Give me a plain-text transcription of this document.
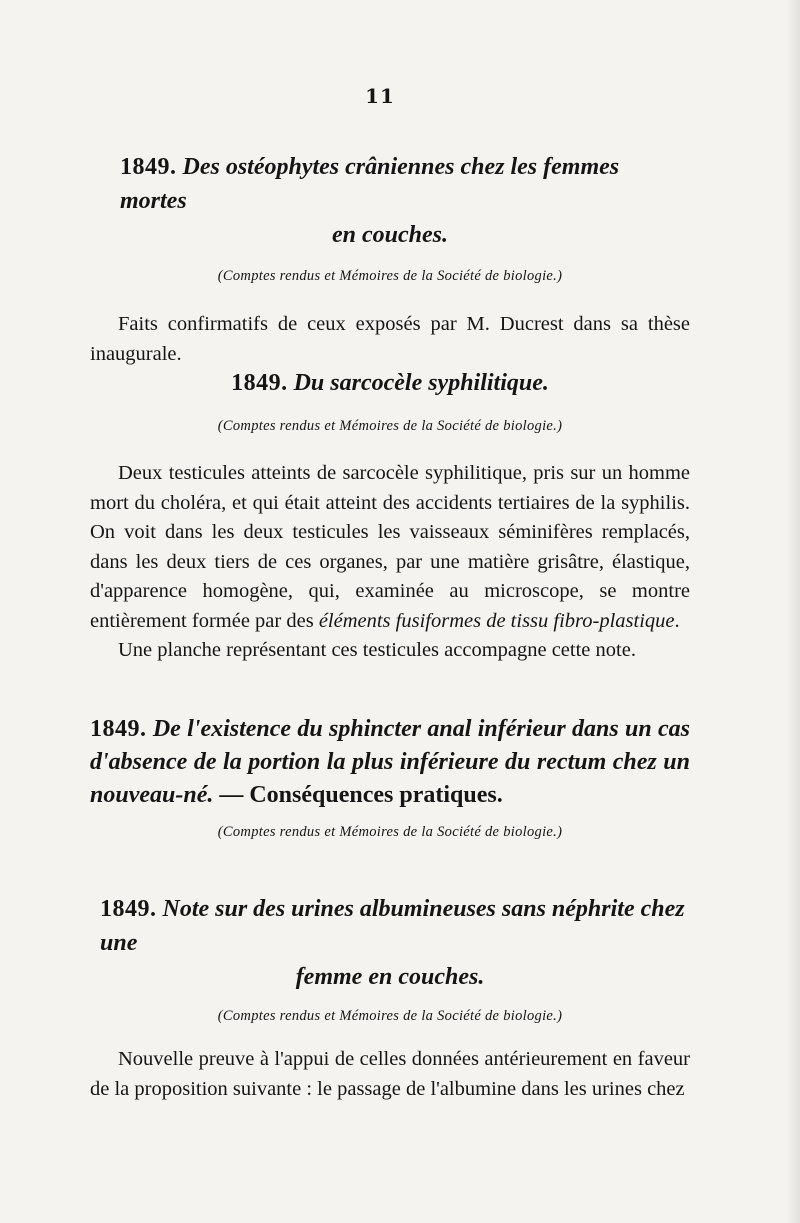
11
1849. Des ostéophytes crâniennes chez les femmes mortes
en couches.
(Comptes rendus et Mémoires de la Société de biologie.)

Faits confirmatifs de ceux exposés par M. Ducrest dans sa thèse inaugurale.

1849. Du sarcocèle syphilitique.
(Comptes rendus et Mémoires de la Société de biologie.)

Deux testicules atteints de sarcocèle syphilitique, pris sur un homme mort du choléra, et qui était atteint des accidents tertiaires de la syphilis. On voit dans les deux testicules les vaisseaux séminifères remplacés, dans les deux tiers de ces organes, par une matière grisâtre, élastique, d'apparence homogène, qui, examinée au microscope, se montre entièrement formée par des éléments fusiformes de tissu fibro-plastique.

Une planche représentant ces testicules accompagne cette note.

1849. De l'existence du sphincter anal inférieur dans un cas d'absence de la portion la plus inférieure du rectum chez un nouveau-né. — Conséquences pratiques.
(Comptes rendus et Mémoires de la Société de biologie.)
1849. Note sur des urines albumineuses sans néphrite chez une
femme en couches.
(Comptes rendus et Mémoires de la Société de biologie.)

Nouvelle preuve à l'appui de celles données antérieurement en faveur de la proposition suivante : le passage de l'albumine dans les urines chez
